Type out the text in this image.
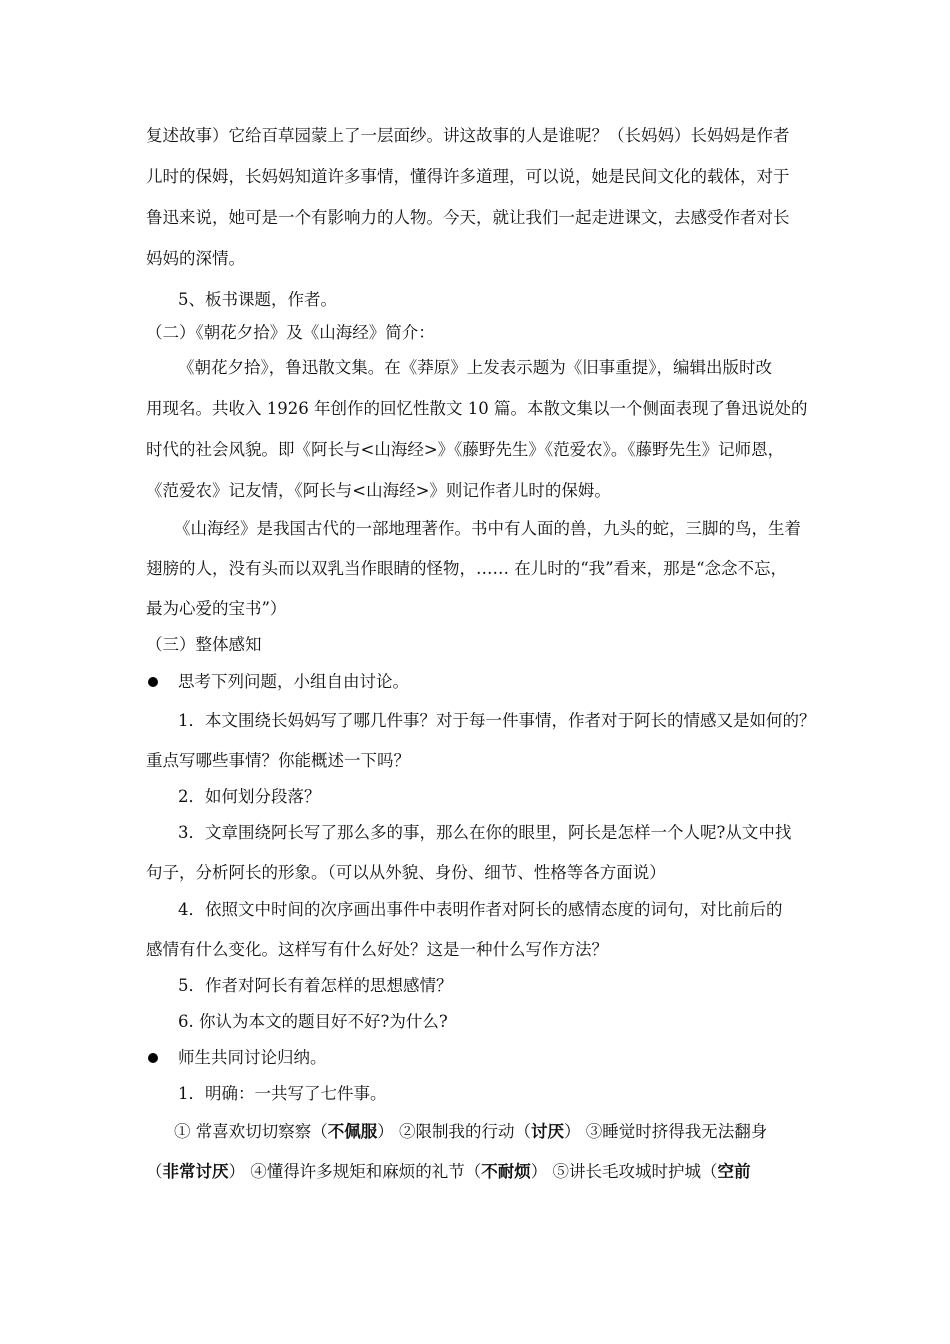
复述故事）它给百草园蒙上了一层面纱。讲这故事的人是谁呢？（长妈妈）长妈妈是作者
儿时的保姆，长妈妈知道许多事情，懂得许多道理，可以说，她是民间文化的载体，对于
鲁迅来说，她可是一个有影响力的人物。今天，就让我们一起走进课文，去感受作者对长
妈妈的深情。
5、板书课题，作者。
（二）《朝花夕拾》及《山海经》简介：
《朝花夕拾》，鲁迅散文集。在《莽原》上发表示题为《旧事重提》，编辑出版时改
用现名。共收入 1926 年创作的回忆性散文 10 篇。本散文集以一个侧面表现了鲁迅说处的
时代的社会风貌。即《阿长与<山海经>》《藤野先生》《范爱农》。《藤野先生》记师恩，
《范爱农》记友情，《阿长与<山海经>》则记作者儿时的保姆。
《山海经》是我国古代的一部地理著作。书中有人面的兽，九头的蛇，三脚的鸟，生着
翅膀的人，没有头而以双乳当作眼睛的怪物，…… 在儿时的“我”看来，那是“念念不忘，
最为心爱的宝书”）
（三）整体感知
思考下列问题，小组自由讨论。
1．本文围绕长妈妈写了哪几件事？对于每一件事情，作者对于阿长的情感又是如何的？
重点写哪些事情？你能概述一下吗？
2．如何划分段落？
3．文章围绕阿长写了那么多的事，那么在你的眼里，阿长是怎样一个人呢?从文中找
句子，分析阿长的形象。（可以从外貌、身份、细节、性格等各方面说）
4．依照文中时间的次序画出事件中表明作者对阿长的感情态度的词句，对比前后的
感情有什么变化。这样写有什么好处？这是一种什么写作方法？
5．作者对阿长有着怎样的思想感情？
6. 你认为本文的题目好不好?为什么?
师生共同讨论归纳。
1．明确：一共写了七件事。
① 常喜欢切切察察（不佩服） ②限制我的行动（讨厌） ③睡觉时挤得我无法翻身
（非常讨厌） ④懂得许多规矩和麻烦的礼节（不耐烦） ⑤讲长毛攻城时护城（空前
